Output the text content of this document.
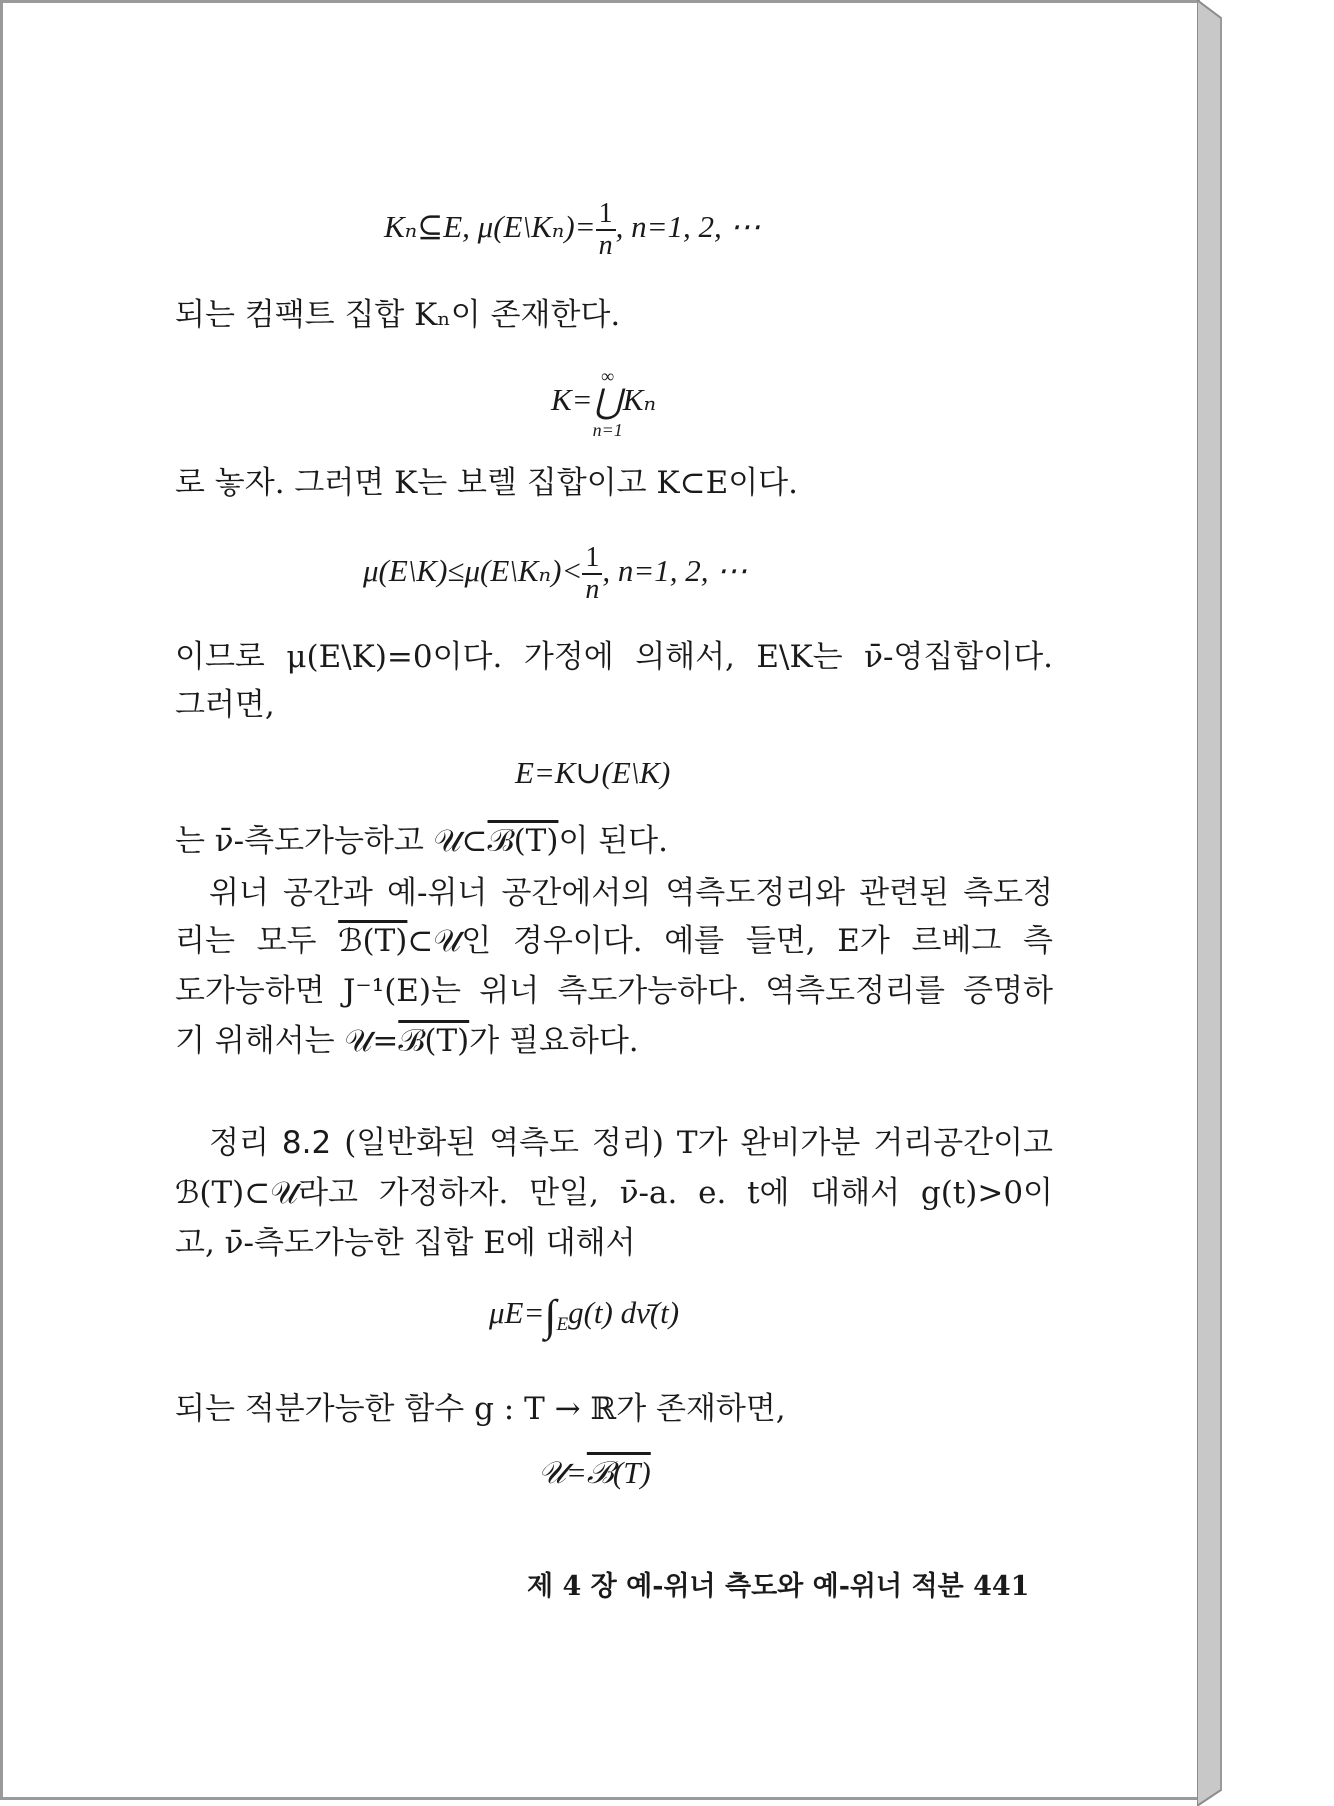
Kₙ⊆E, μ(E\Kₙ)= $\frac{1}{n}$ , n=1, 2, ⋯
되는 컴팩트 집합 Kₙ이 존재한다.
K=
∞
⋃
n=1
Kₙ
로 놓자. 그러면 K는 보렐 집합이고 K⊂E이다.
μ(E\K)≤μ(E\Kₙ)< $\frac{1}{n}$ , n=1, 2, ⋯
이므로 μ(E\K)=0이다. 가정에 의해서, E\K는 ν̄-영집합이다.
그러면,
E=K∪(E\K)
는 ν̄-측도가능하고 𝒰⊂ℬ(T)이 된다.
위너 공간과 예-위너 공간에서의 역측도정리와 관련된 측도정
리는 모두 ℬ(T)⊂𝒰인 경우이다. 예를 들면, E가 르베그 측
도가능하면 J⁻¹(E)는 위너 측도가능하다. 역측도정리를 증명하
기 위해서는 𝒰=ℬ(T)가 필요하다.
정리 8.2 (일반화된 역측도 정리) T가 완비가분 거리공간이고
ℬ(T)⊂𝒰라고 가정하자. 만일, ν̄-a. e. t에 대해서 g(t)>0이
고, ν̄-측도가능한 집합 E에 대해서
$\mu E=\int_Eg(t)$ dν̄(t)
되는 적분가능한 함수 g : T → ℝ가 존재하면,
𝒰=ℬ(T)
제 4 장 예-위너 측도와 예-위너 적분 441
